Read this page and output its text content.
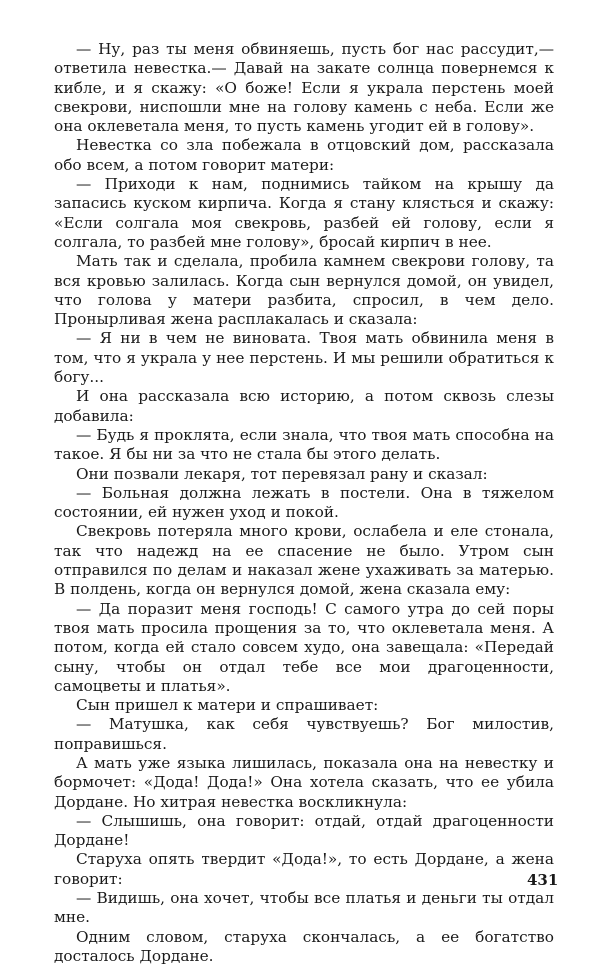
— Ну, раз ты меня обвиняешь, пусть бог нас рассудит,— ответила невестка.— Давай на закате солнца повернемся к кибле, и я скажу: «О боже! Если я украла перстень моей свекрови, ниспошли мне на голову камень с неба. Если же она оклеветала меня, то пусть камень угодит ей в голову».

Невестка со зла побежала в отцовский дом, рассказала обо всем, а потом говорит матери:

— Приходи к нам, поднимись тайком на крышу да запасись куском кирпича. Когда я стану клясться и скажу: «Если солгала моя свекровь, разбей ей голову, если я солгала, то разбей мне голову», бросай кирпич в нее.

Мать так и сделала, пробила камнем свекрови голову, та вся кровью залилась. Когда сын вернулся домой, он увидел, что голова у матери разбита, спросил, в чем дело. Пронырливая жена расплакалась и сказала:

— Я ни в чем не виновата. Твоя мать обвинила меня в том, что я украла у нее перстень. И мы решили обратиться к богу...

И она рассказала всю историю, а потом сквозь слезы добавила:

— Будь я проклята, если знала, что твоя мать способна на такое. Я бы ни за что не стала бы этого делать.

Они позвали лекаря, тот перевязал рану и сказал:

— Больная должна лежать в постели. Она в тяжелом состоянии, ей нужен уход и покой.

Свекровь потеряла много крови, ослабела и еле стонала, так что надежд на ее спасение не было. Утром сын отправился по делам и наказал жене ухаживать за матерью. В полдень, когда он вернулся домой, жена сказала ему:

— Да поразит меня господь! С самого утра до сей поры твоя мать просила прощения за то, что оклеветала меня. А потом, когда ей стало совсем худо, она завещала: «Передай сыну, чтобы он отдал тебе все мои драгоценности, самоцветы и платья».

Сын пришел к матери и спрашивает:

— Матушка, как себя чувствуешь? Бог милостив, поправишься.

А мать уже языка лишилась, показала она на невестку и бормочет: «Дода! Дода!» Она хотела сказать, что ее убила Дордане. Но хитрая невестка воскликнула:

— Слышишь, она говорит: отдай, отдай драгоценности Дордане!

Старуха опять твердит «Дода!», то есть Дордане, а жена говорит:

— Видишь, она хочет, чтобы все платья и деньги ты отдал мне.

Одним словом, старуха скончалась, а ее богатство досталось Дордане.

431
